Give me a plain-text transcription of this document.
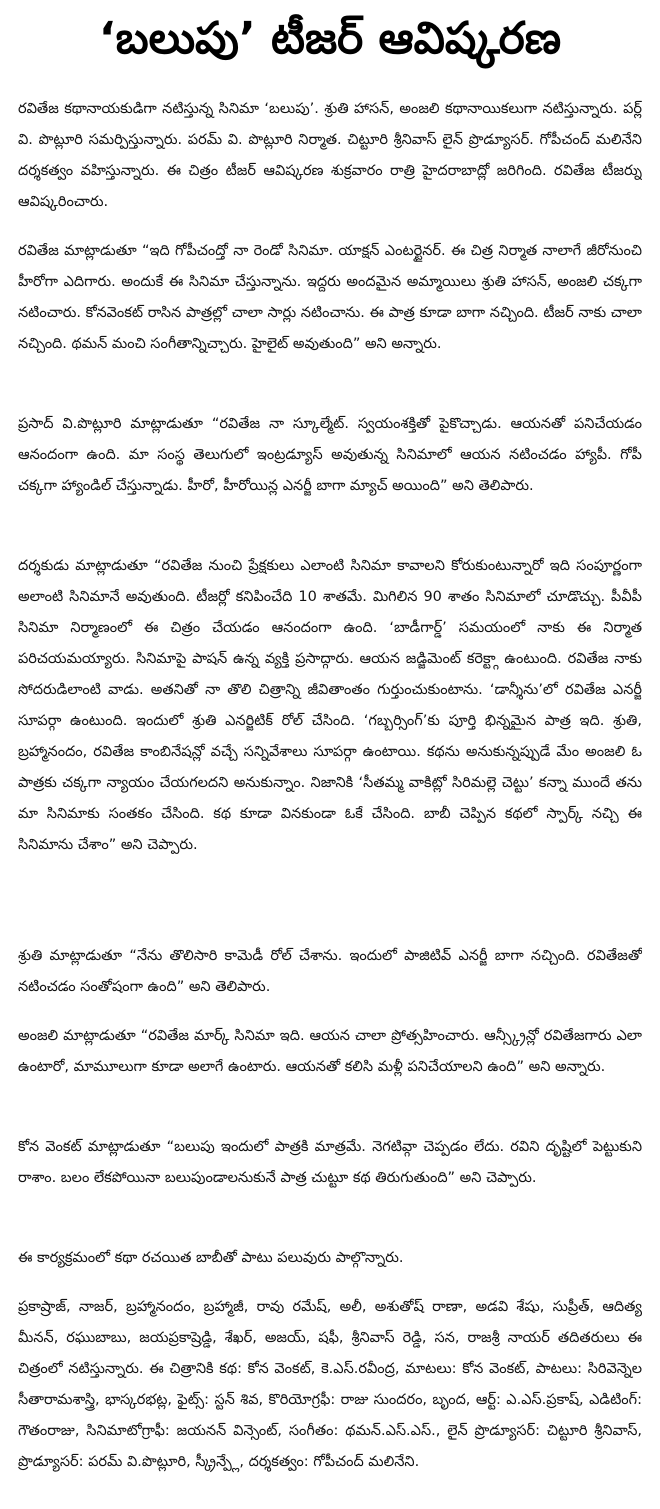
‘బలుపు’ టీజర్ ఆవిష్కరణ

రవితేజ కథానాయకుడిగా నటిస్తున్న సినిమా ‘బలుపు’. శ్రుతి హాసన్, అంజలి కథానాయికలుగా నటిస్తున్నారు. పర్ల్ వి. పొట్లూరి సమర్పిస్తున్నారు. పరమ్ వి. పొట్లూరి నిర్మాత. చిట్టూరి శ్రీనివాస్ లైన్ ప్రొడ్యూసర్. గోపీచంద్ మలినేని దర్శకత్వం వహిస్తున్నారు. ఈ చిత్రం టీజర్ ఆవిష్కరణ శుక్రవారం రాత్రి హైదరాబాద్లో జరిగింది. రవితేజ టీజర్ను ఆవిష్కరించారు.

రవితేజ మాట్లాడుతూ “ఇది గోపీచంద్తో నా రెండో సినిమా. యాక్షన్ ఎంటర్టైనర్. ఈ చిత్ర నిర్మాత నాలాగే జీరోనుంచి హీరోగా ఎదిగారు. అందుకే ఈ సినిమా చేస్తున్నాను. ఇద్దరు అందమైన అమ్మాయిలు శ్రుతి హాసన్, అంజలి చక్కగా నటించారు. కోనవెంకట్ రాసిన పాత్రల్లో చాలా సార్లు నటించాను. ఈ పాత్ర కూడా బాగా నచ్చింది. టీజర్ నాకు చాలా నచ్చింది. థమన్ మంచి సంగీతాన్నిచ్చారు. హైలైట్ అవుతుంది” అని అన్నారు.

ప్రసాద్ వి.పొట్లూరి మాట్లాడుతూ “రవితేజ నా స్కూల్మేట్. స్వయంశక్తితో పైకొచ్చాడు. ఆయనతో పనిచేయడం ఆనందంగా ఉంది. మా సంస్థ తెలుగులో ఇంట్రడ్యూస్ అవుతున్న సినిమాలో ఆయన నటించడం హ్యాపీ. గోపీ చక్కగా హ్యాండిల్ చేస్తున్నాడు. హీరో, హీరోయిన్ల ఎనర్జీ బాగా మ్యాచ్ అయింది” అని తెలిపారు.

దర్శకుడు మాట్లాడుతూ “రవితేజ నుంచి ప్రేక్షకులు ఎలాంటి సినిమా కావాలని కోరుకుంటున్నారో ఇది సంపూర్ణంగా అలాంటి సినిమానే అవుతుంది. టీజర్లో కనిపించేది 10 శాతమే. మిగిలిన 90 శాతం సినిమాలో చూడొచ్చు. పీవీపీ సినిమా నిర్మాణంలో ఈ చిత్రం చేయడం ఆనందంగా ఉంది. ‘బాడీగార్డ్’ సమయంలో నాకు ఈ నిర్మాత పరిచయమయ్యారు. సినిమాపై పాషన్ ఉన్న వ్యక్తి ప్రసాద్గారు. ఆయన జడ్జిమెంట్ కరెక్ట్గా ఉంటుంది. రవితేజ నాకు సోదరుడిలాంటి వాడు. అతనితో నా తొలి చిత్రాన్ని జీవితాంతం గుర్తుంచుకుంటాను. ‘డాన్శీను’లో రవితేజ ఎనర్జీ సూపర్గా ఉంటుంది. ఇందులో శ్రుతి ఎనర్జిటిక్ రోల్ చేసింది. ‘గబ్బర్సింగ్’కు పూర్తి భిన్నమైన పాత్ర ఇది. శ్రుతి, బ్రహ్మానందం, రవితేజ కాంబినేషన్లో వచ్చే సన్నివేశాలు సూపర్గా ఉంటాయి. కథను అనుకున్నప్పుడే మేం అంజలి ఓ పాత్రకు చక్కగా న్యాయం చేయగలదని అనుకున్నాం. నిజానికి ‘సీతమ్మ వాకిట్లో సిరిమల్లె చెట్టు’ కన్నా ముందే తను మా సినిమాకు సంతకం చేసింది. కథ కూడా వినకుండా ఓకే చేసింది. బాబీ చెప్పిన కథలో స్పార్క్ నచ్చి ఈ సినిమాను చేశాం” అని చెప్పారు.

శ్రుతి మాట్లాడుతూ “నేను తొలిసారి కామెడీ రోల్ చేశాను. ఇందులో పాజిటివ్ ఎనర్జీ బాగా నచ్చింది. రవితేజతో నటించడం సంతోషంగా ఉంది” అని తెలిపారు.

అంజలి మాట్లాడుతూ “రవితేజ మార్క్ సినిమా ఇది. ఆయన చాలా ప్రోత్సహించారు. ఆన్స్క్రీన్లో రవితేజగారు ఎలా ఉంటారో, మామూలుగా కూడా అలాగే ఉంటారు. ఆయనతో కలిసి మళ్లీ పనిచేయాలని ఉంది” అని అన్నారు.

కోన వెంకట్ మాట్లాడుతూ “బలుపు ఇందులో పాత్రకి మాత్రమే. నెగటివ్గా చెప్పడం లేదు. రవిని దృష్టిలో పెట్టుకుని రాశాం. బలం లేకపోయినా బలుపుండాలనుకునే పాత్ర చుట్టూ కథ తిరుగుతుంది” అని చెప్పారు.

ఈ కార్యక్రమంలో కథా రచయిత బాబీతో పాటు పలువురు పాల్గొన్నారు.

ప్రకాష్రాజ్, నాజర్, బ్రహ్మానందం, బ్రహ్మాజీ, రావు రమేష్, అలీ, అశుతోష్ రాణా, అడవి శేషు, సుప్రీత్, ఆదిత్య మీనన్, రఘుబాబు, జయప్రకాష్రెడ్డి, శేఖర్, అజయ్, షఫీ, శ్రీనివాస్ రెడ్డి, సన, రాజశ్రీ నాయర్ తదితరులు ఈ చిత్రంలో నటిస్తున్నారు. ఈ చిత్రానికి కథ: కోన వెంకట్, కె.ఎస్.రవీంద్ర, మాటలు: కోన వెంకట్, పాటలు: సిరివెన్నెల సీతారామశాస్త్రి, భాస్కరభట్ల, ఫైట్స్: స్టన్ శివ, కొరియోగ్రఫీ: రాజు సుందరం, బృంద, ఆర్ట్: ఎ.ఎస్.ప్రకాష్, ఎడిటింగ్: గౌతంరాజు, సినిమాటోగ్రాఫీ: జయనన్ విన్సెంట్, సంగీతం: థమన్.ఎస్.ఎస్., లైన్ ప్రొడ్యూసర్: చిట్టూరి శ్రీనివాస్, ప్రొడ్యూసర్: పరమ్ వి.పొట్లూరి, స్క్రీన్ప్లే, దర్శకత్వం: గోపీచంద్ మలినేని.
